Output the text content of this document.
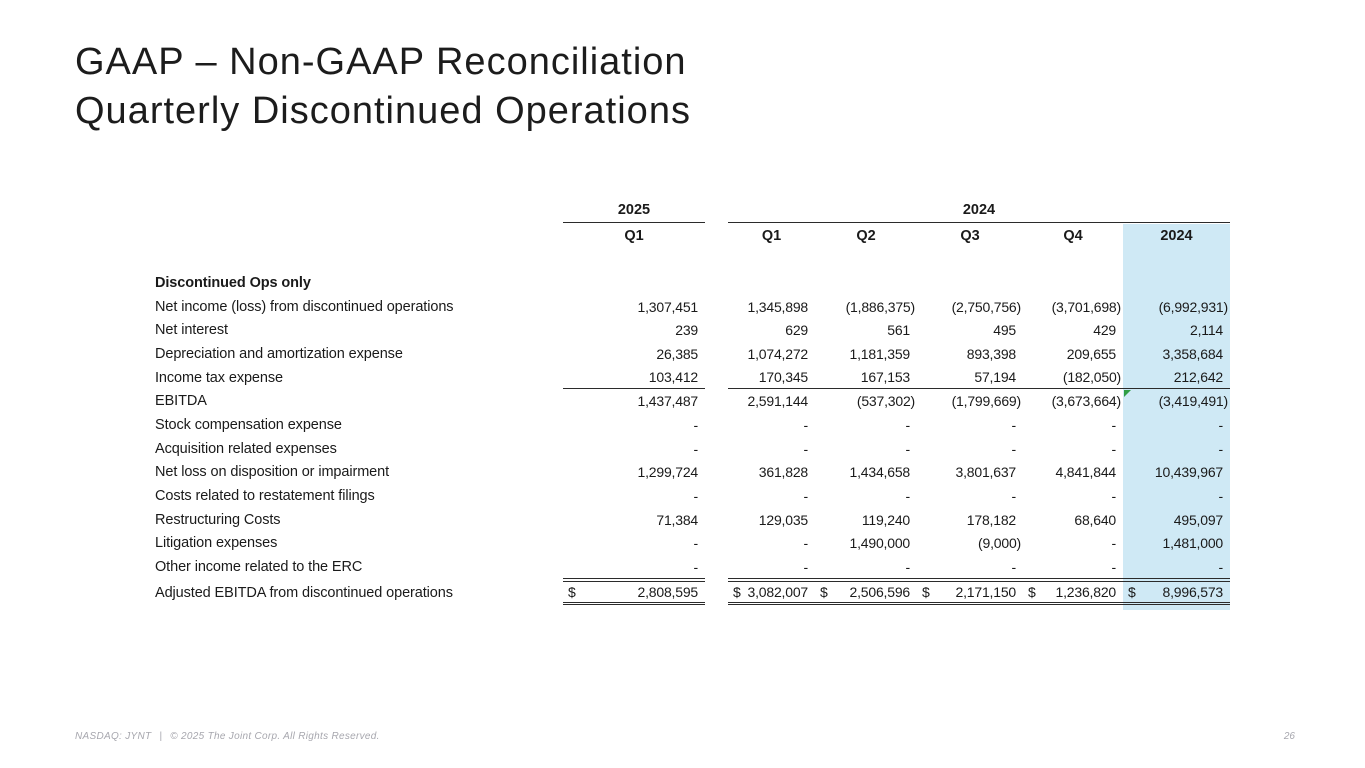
GAAP – Non-GAAP Reconciliation
Quarterly Discontinued Operations
2025	2024
Q1	Q1	Q2	Q3	Q4	2024
Discontinued Ops only
Net income (loss) from discontinued operations	1,307,451	1,345,898	(1,886,375)	(2,750,756)	(3,701,698)	(6,992,931)
Net interest	239	629	561	495	429	2,114
Depreciation and amortization expense	26,385	1,074,272	1,181,359	893,398	209,655	3,358,684
Income tax expense	103,412	170,345	167,153	57,194	(182,050)	212,642
EBITDA	1,437,487	2,591,144	(537,302)	(1,799,669)	(3,673,664)	(3,419,491)
Stock compensation expense	-	-	-	-	-	-
Acquisition related expenses	-	-	-	-	-	-
Net loss on disposition or impairment	1,299,724	361,828	1,434,658	3,801,637	4,841,844	10,439,967
Costs related to restatement filings	-	-	-	-	-	-
Restructuring Costs	71,384	129,035	119,240	178,182	68,640	495,097
Litigation expenses	-	-	1,490,000	(9,000)	-	1,481,000
Other income related to the ERC	-	-	-	-	-	-
Adjusted EBITDA from discontinued operations	$	2,808,595	$ 3,082,007 $ 2,506,596 $ 2,171,150 $ 1,236,820 $ 8,996,573
NASDAQ: JYNT | © 2025 The Joint Corp. All Rights Reserved.	26
